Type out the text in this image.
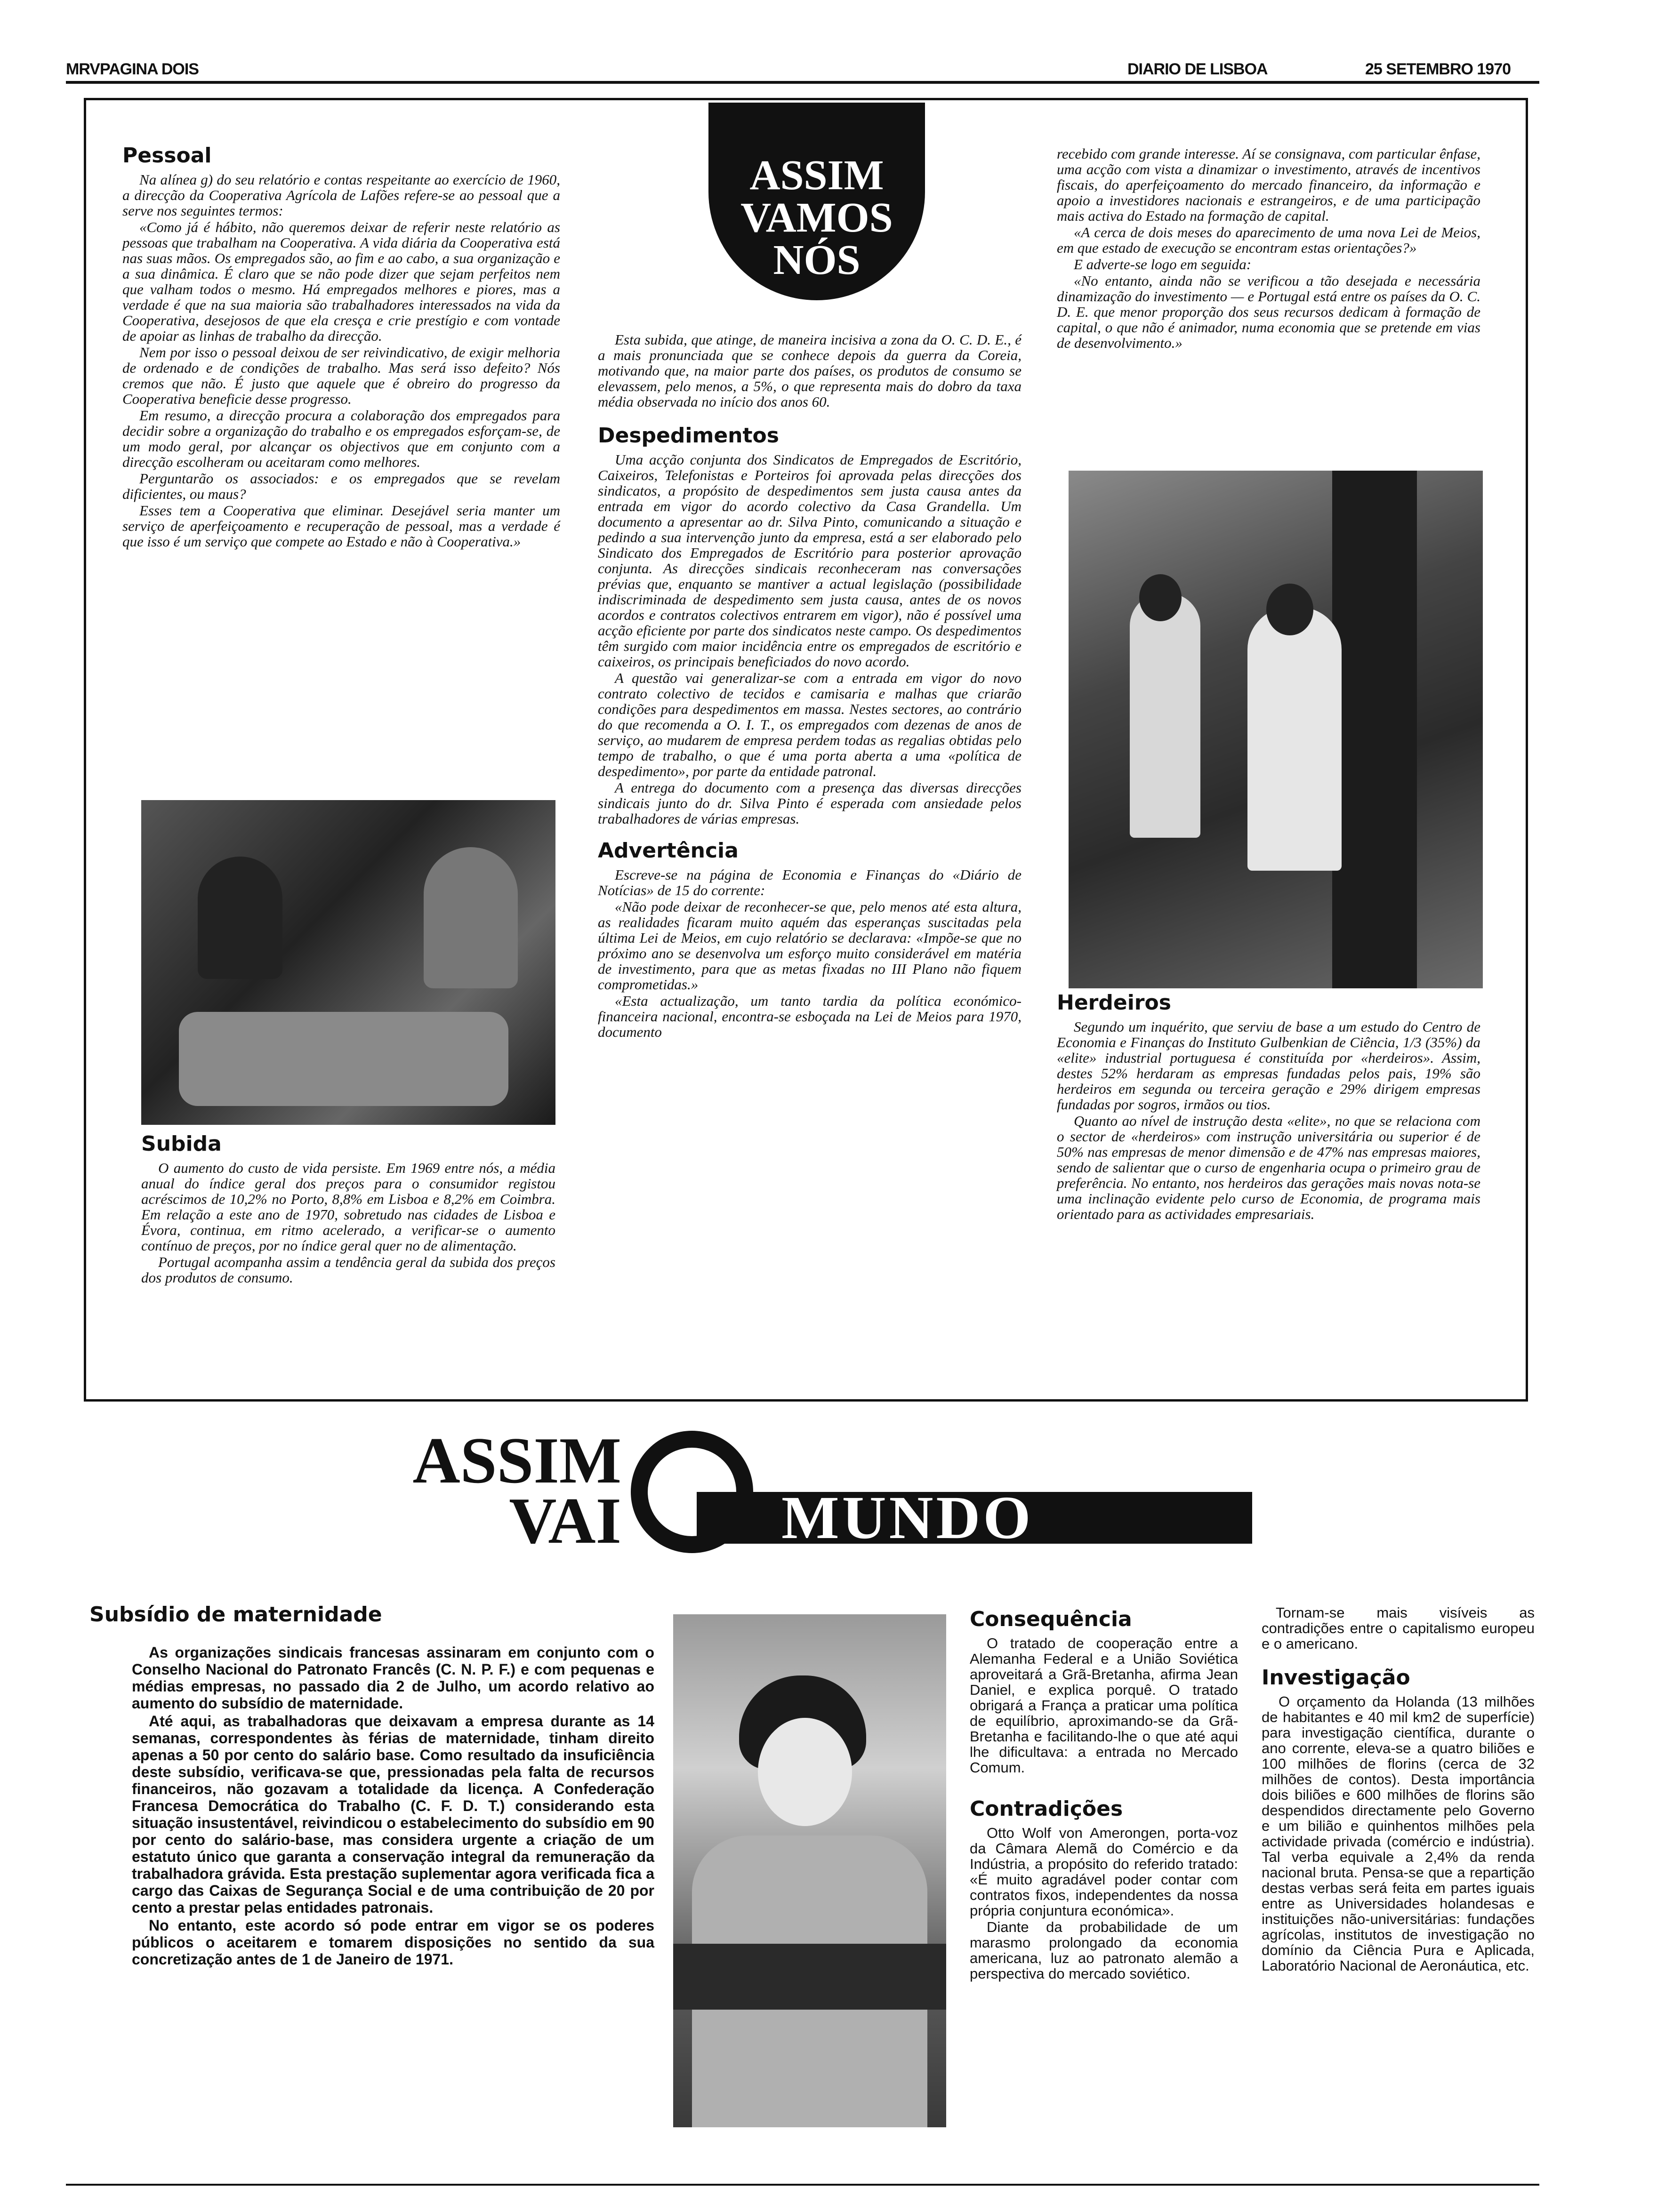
MRVPAGINA DOIS	DIARIO DE LISBOA	25 SETEMBRO 1970
ASSIM
VAMOS
NÓS
Pessoal

Na alínea g) do seu relatório e contas respeitante ao exercício de 1960, a direcção da Cooperativa Agrícola de Lafões refere-se ao pessoal que a serve nos seguintes termos:

«Como já é hábito, não queremos deixar de referir neste relatório as pessoas que trabalham na Cooperativa. A vida diária da Cooperativa está nas suas mãos. Os empregados são, ao fim e ao cabo, a sua organização e a sua dinâmica. É claro que se não pode dizer que sejam perfeitos nem que valham todos o mesmo. Há empregados melhores e piores, mas a verdade é que na sua maioria são trabalhadores interessados na vida da Cooperativa, desejosos de que ela cresça e crie prestígio e com vontade de apoiar as linhas de trabalho da direcção.

Nem por isso o pessoal deixou de ser reivindicativo, de exigir melhoria de ordenado e de condições de trabalho. Mas será isso defeito? Nós cremos que não. É justo que aquele que é obreiro do progresso da Cooperativa beneficie desse progresso.

Em resumo, a direcção procura a colaboração dos empregados para decidir sobre a organização do trabalho e os empregados esforçam-se, de um modo geral, por alcançar os objectivos que em conjunto com a direcção escolheram ou aceitaram como melhores.

Perguntarão os associados: e os empregados que se revelam dificientes, ou maus?

Esses tem a Cooperativa que eliminar. Desejável seria manter um serviço de aperfeiçoamento e recuperação de pessoal, mas a verdade é que isso é um serviço que compete ao Estado e não à Cooperativa.»

Subida

O aumento do custo de vida persiste. Em 1969 entre nós, a média anual do índice geral dos preços para o consumidor registou acréscimos de 10,2% no Porto, 8,8% em Lisboa e 8,2% em Coimbra. Em relação a este ano de 1970, sobretudo nas cidades de Lisboa e Évora, continua, em ritmo acelerado, a verificar-se o aumento contínuo de preços, por no índice geral quer no de alimentação.

Portugal acompanha assim a tendência geral da subida dos preços dos produtos de consumo.

Esta subida, que atinge, de maneira incisiva a zona da O. C. D. E., é a mais pronunciada que se conhece depois da guerra da Coreia, motivando que, na maior parte dos países, os produtos de consumo se elevassem, pelo menos, a 5%, o que representa mais do dobro da taxa média observada no início dos anos 60.

Despedimentos

Uma acção conjunta dos Sindicatos de Empregados de Escritório, Caixeiros, Telefonistas e Porteiros foi aprovada pelas direcções dos sindicatos, a propósito de despedimentos sem justa causa antes da entrada em vigor do acordo colectivo da Casa Grandella. Um documento a apresentar ao dr. Silva Pinto, comunicando a situação e pedindo a sua intervenção junto da empresa, está a ser elaborado pelo Sindicato dos Empregados de Escritório para posterior aprovação conjunta. As direcções sindicais reconheceram nas conversações prévias que, enquanto se mantiver a actual legislação (possibilidade indiscriminada de despedimento sem justa causa, antes de os novos acordos e contratos colectivos entrarem em vigor), não é possível uma acção eficiente por parte dos sindicatos neste campo. Os despedimentos têm surgido com maior incidência entre os empregados de escritório e caixeiros, os principais beneficiados do novo acordo.

A questão vai generalizar-se com a entrada em vigor do novo contrato colectivo de tecidos e camisaria e malhas que criarão condições para despedimentos em massa. Nestes sectores, ao contrário do que recomenda a O. I. T., os empregados com dezenas de anos de serviço, ao mudarem de empresa perdem todas as regalias obtidas pelo tempo de trabalho, o que é uma porta aberta a uma «política de despedimento», por parte da entidade patronal.

A entrega do documento com a presença das diversas direcções sindicais junto do dr. Silva Pinto é esperada com ansiedade pelos trabalhadores de várias empresas.

Advertência

Escreve-se na página de Economia e Finanças do «Diário de Notícias» de 15 do corrente:

«Não pode deixar de reconhecer-se que, pelo menos até esta altura, as realidades ficaram muito aquém das esperanças suscitadas pela última Lei de Meios, em cujo relatório se declarava: «Impõe-se que no próximo ano se desenvolva um esforço muito considerável em matéria de investimento, para que as metas fixadas no III Plano não fiquem comprometidas.»

«Esta actualização, um tanto tardia da política económico-financeira nacional, encontra-se esboçada na Lei de Meios para 1970, documento

recebido com grande interesse. Aí se consignava, com particular ênfase, uma acção com vista a dinamizar o investimento, através de incentivos fiscais, do aperfeiçoamento do mercado financeiro, da informação e apoio a investidores nacionais e estrangeiros, e de uma participação mais activa do Estado na formação de capital.

«A cerca de dois meses do aparecimento de uma nova Lei de Meios, em que estado de execução se encontram estas orientações?»

E adverte-se logo em seguida:

«No entanto, ainda não se verificou a tão desejada e necessária dinamização do investimento — e Portugal está entre os países da O. C. D. E. que menor proporção dos seus recursos dedicam à formação de capital, o que não é animador, numa economia que se pretende em vias de desenvolvimento.»

Herdeiros

Segundo um inquérito, que serviu de base a um estudo do Centro de Economia e Finanças do Instituto Gulbenkian de Ciência, 1/3 (35%) da «elite» industrial portuguesa é constituída por «herdeiros». Assim, destes 52% herdaram as empresas fundadas pelos pais, 19% são herdeiros em segunda ou terceira geração e 29% dirigem empresas fundadas por sogros, irmãos ou tios.

Quanto ao nível de instrução desta «elite», no que se relaciona com o sector de «herdeiros» com instrução universitária ou superior é de 50% nas empresas de menor dimensão e de 47% nas empresas maiores, sendo de salientar que o curso de engenharia ocupa o primeiro grau de preferência. No entanto, nos herdeiros das gerações mais novas nota-se uma inclinação evidente pelo curso de Economia, de programa mais orientado para as actividades empresariais.

ASSIM
VAI	MUNDO
Subsídio de maternidade

As organizações sindicais francesas assinaram em conjunto com o Conselho Nacional do Patronato Francês (C. N. P. F.) e com pequenas e médias empresas, no passado dia 2 de Julho, um acordo relativo ao aumento do subsídio de maternidade.

Até aqui, as trabalhadoras que deixavam a empresa durante as 14 semanas, correspondentes às férias de maternidade, tinham direito apenas a 50 por cento do salário base. Como resultado da insuficiência deste subsídio, verificava-se que, pressionadas pela falta de recursos financeiros, não gozavam a totalidade da licença. A Confederação Francesa Democrática do Trabalho (C. F. D. T.) considerando esta situação insustentável, reivindicou o estabelecimento do subsídio em 90 por cento do salário-base, mas considera urgente a criação de um estatuto único que garanta a conservação integral da remuneração da trabalhadora grávida. Esta prestação suplementar agora verificada fica a cargo das Caixas de Segurança Social e de uma contribuição de 20 por cento a prestar pelas entidades patronais.

No entanto, este acordo só pode entrar em vigor se os poderes públicos o aceitarem e tomarem disposições no sentido da sua concretização antes de 1 de Janeiro de 1971.

Consequência

O tratado de cooperação entre a Alemanha Federal e a União Soviética aproveitará a Grã-Bretanha, afirma Jean Daniel, e explica porquê. O tratado obrigará a França a praticar uma política de equilíbrio, aproximando-se da Grã-Bretanha e facilitando-lhe o que até aqui lhe dificultava: a entrada no Mercado Comum.

Contradições

Otto Wolf von Amerongen, porta-voz da Câmara Alemã do Comércio e da Indústria, a propósito do referido tratado: «É muito agradável poder contar com contratos fixos, independentes da nossa própria conjuntura económica».

Diante da probabilidade de um marasmo prolongado da economia americana, luz ao patronato alemão a perspectiva do mercado soviético.

Tornam-se mais visíveis as contradições entre o capitalismo europeu e o americano.

Investigação

O orçamento da Holanda (13 milhões de habitantes e 40 mil km2 de superfície) para investigação científica, durante o ano corrente, eleva-se a quatro biliões e 100 milhões de florins (cerca de 32 milhões de contos). Desta importância dois biliões e 600 milhões de florins são despendidos directamente pelo Governo e um bilião e quinhentos milhões pela actividade privada (comércio e indústria). Tal verba equivale a 2,4% da renda nacional bruta. Pensa-se que a repartição destas verbas será feita em partes iguais entre as Universidades holandesas e instituições não-universitárias: fundações agrícolas, institutos de investigação no domínio da Ciência Pura e Aplicada, Laboratório Nacional de Aeronáutica, etc.
